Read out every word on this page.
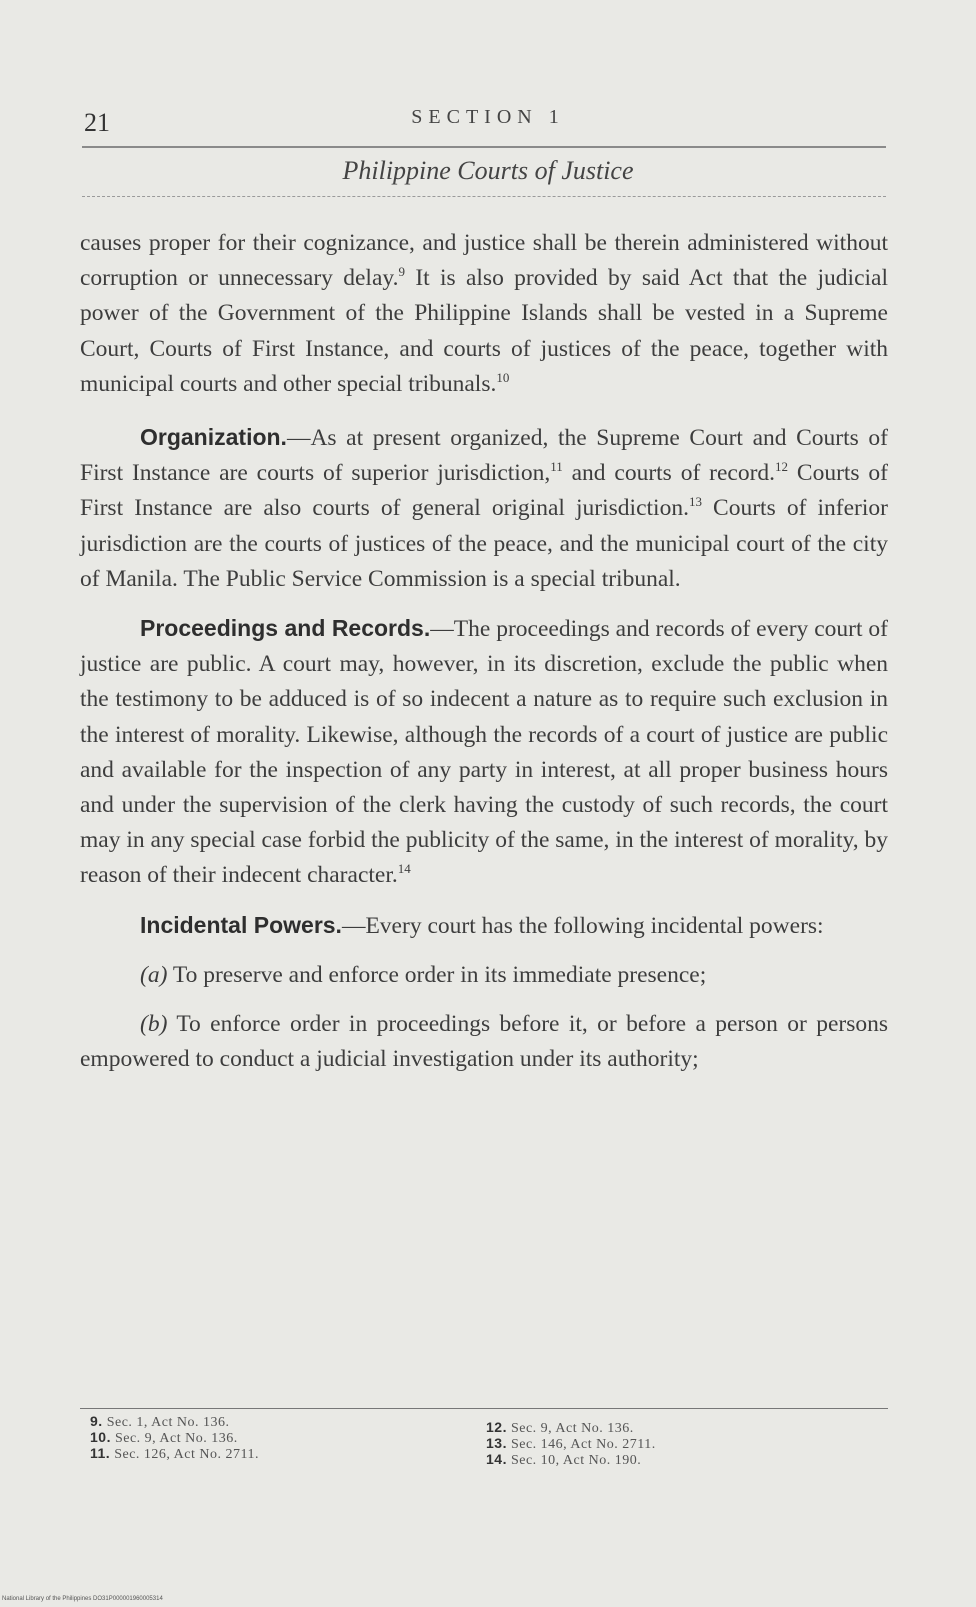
21	SECTION 1
Philippine Courts of Justice

causes proper for their cognizance, and justice shall be therein administered without corruption or unnecessary delay.$^9$ It is also provided by said Act that the judicial power of the Government of the Philippine Islands shall be vested in a Supreme Court, Courts of First Instance, and courts of justices of the peace, together with municipal courts and other special tribunals.$^{10}$

Organization.—As at present organized, the Supreme Court and Courts of First Instance are courts of superior jurisdiction,$^{11}$ and courts of record.$^{12}$ Courts of First Instance are also courts of general original jurisdiction.$^{13}$ Courts of inferior jurisdiction are the courts of justices of the peace, and the municipal court of the city of Manila. The Public Service Commission is a special tribunal.

Proceedings and Records.—The proceedings and records of every court of justice are public. A court may, however, in its discretion, exclude the public when the testimony to be adduced is of so indecent a nature as to require such exclusion in the interest of morality. Likewise, although the records of a court of justice are public and available for the inspection of any party in interest, at all proper business hours and under the supervision of the clerk having the custody of such records, the court may in any special case forbid the publicity of the same, in the interest of morality, by reason of their indecent character.$^{14}$

Incidental Powers.—Every court has the following incidental powers:

(a) To preserve and enforce order in its immediate presence;

(b) To enforce order in proceedings before it, or before a person or persons empowered to conduct a judicial investigation under its authority;

9. Sec. 1, Act No. 136.
10. Sec. 9, Act No. 136.
11. Sec. 126, Act No. 2711.
12. Sec. 9, Act No. 136.
13. Sec. 146, Act No. 2711.
14. Sec. 10, Act No. 190.
National Library of the Philippines DO31P000001960005314
